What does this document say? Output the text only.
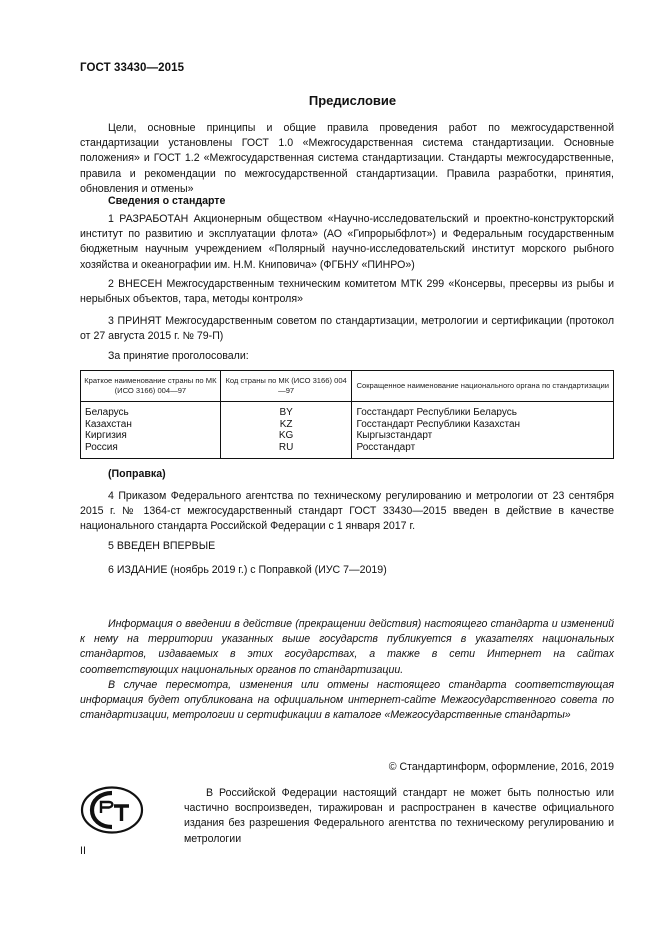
ГОСТ 33430—2015
Предисловие

Цели, основные принципы и общие правила проведения работ по межгосударственной стандартизации установлены ГОСТ 1.0 «Межгосударственная система стандартизации. Основные положения» и ГОСТ 1.2 «Межгосударственная система стандартизации. Стандарты межгосударственные, правила и рекомендации по межгосударственной стандартизации. Правила разработки, принятия, обновления и отмены»

Сведения о стандарте

1 РАЗРАБОТАН Акционерным обществом «Научно-исследовательский и проектно-конструкторский институт по развитию и эксплуатации флота» (АО «Гипрорыбфлот») и Федеральным государственным бюджетным научным учреждением «Полярный научно-исследовательский институт морского рыбного хозяйства и океанографии им. Н.М. Книповича» (ФГБНУ «ПИНРО»)

2 ВНЕСЕН Межгосударственным техническим комитетом МТК 299 «Консервы, пресервы из рыбы и нерыбных объектов, тара, методы контроля»

3 ПРИНЯТ Межгосударственным советом по стандартизации, метрологии и сертификации (протокол от 27 августа 2015 г. № 79-П)

За принятие проголосовали:
Краткое наименование страны по МК (ИСО 3166) 004—97	Код страны по МК (ИСО 3166) 004—97	Сокращенное наименование национального органа по стандартизации
Беларусь	BY	Госстандарт Республики Беларусь
Казахстан	KZ	Госстандарт Республики Казахстан
Киргизия	KG	Кыргызстандарт
Россия	RU	Росстандарт
(Поправка)

4 Приказом Федерального агентства по техническому регулированию и метрологии от 23 сентября 2015 г. № 1364-ст межгосударственный стандарт ГОСТ 33430—2015 введен в действие в качестве национального стандарта Российской Федерации с 1 января 2017 г.

5 ВВЕДЕН ВПЕРВЫЕ
6 ИЗДАНИЕ (ноябрь 2019 г.) с Поправкой (ИУС 7—2019)

Информация о введении в действие (прекращении действия) настоящего стандарта и изменений к нему на территории указанных выше государств публикуется в указателях национальных стандартов, издаваемых в этих государствах, а также в сети Интернет на сайтах соответствующих национальных органов по стандартизации.

В случае пересмотра, изменения или отмены настоящего стандарта соответствующая информация будет опубликована на официальном интернет-сайте Межгосударственного совета по стандартизации, метрологии и сертификации в каталоге «Межгосударственные стандарты»

© Стандартинформ, оформление, 2016, 2019

В Российской Федерации настоящий стандарт не может быть полностью или частично воспроизведен, тиражирован и распространен в качестве официального издания без разрешения Федерального агентства по техническому регулированию и метрологии

II
